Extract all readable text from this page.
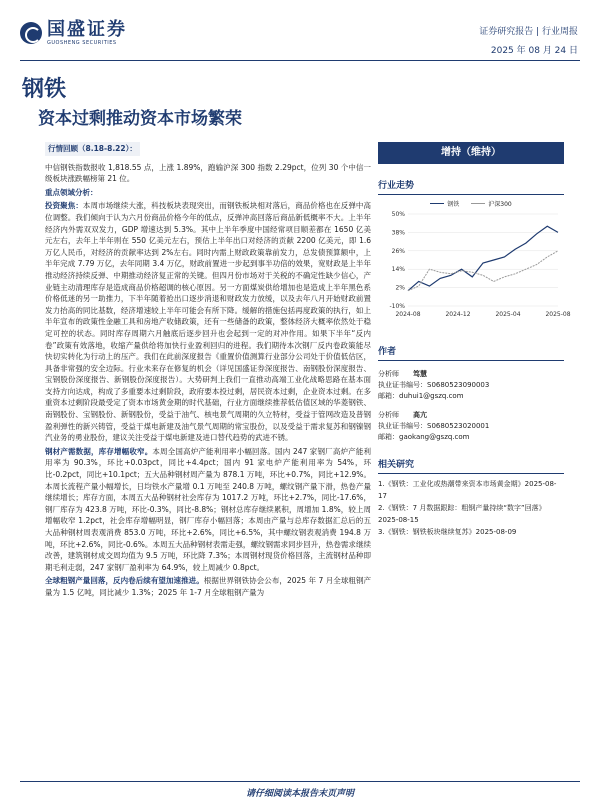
国盛证券
GUOSHENG SECURITIES
证券研究报告 | 行业周报
2025 年 08 月 24 日
钢铁
资本过剩推动资本市场繁荣

行情回顾（8.18-8.22）：

中信钢铁指数报收 1,818.55 点，上涨 1.89%，跑输沪深 300 指数 2.29pct，位列 30 个中信一级板块涨跌幅榜第 21 位。

重点领域分析：

投资聚焦：本周市场继续大涨，科技板块表现突出，而钢铁板块相对落后，商品价格也在反弹中高位调整。我们倾向于认为六月份商品价格今年的低点，反弹冲高回落后商品新低概率不大。上半年经济内外需双双发力，GDP 增速达到 5.3%。其中上半年季度中国经常项目顺差都在 1650 亿美元左右，去年上半年则在 550 亿美元左右，预估上半年出口对经济的贡献 2200 亿美元，即 1.6 万亿人民币，对经济的贡献率达到 2%左右。同时内需上财政政策靠前发力，总发债预算额中，上半年完成 7.79 万亿，去年同期 3.4 万亿，财政前置进一步起到事半功倍的效果，宽财政是上半年推动经济持续反弹、中期推动经济复正常的关键。但四月份市场对于关税的不确定性缺少信心，产业链主动清理库存是造成商品价格超调的核心原因。另一方面煤炭供给增加也是造成上半年黑色系价格低迷的另一助推力，下半年随着抢出口逐步消退和财政发力放缓，以及去年八月开始财政前置发力抬高的同比基数，经济增速较上半年可能会有所下降。缓解的措施包括再度政策的执行，如上半年宣布的政策性金融工具和房地产收储政策，还有一些储备的政策，整体经济大概率依然处于稳定可控的状态。同时库存周期六月触底后逐步回升也会起到一定的对冲作用。如果下半年“反内卷”政策有效落地，收缩产量供给将加快行业盈利回归的进程。我们期待本次钢厂反内卷政策能尽快切实转化为行动上的压产。我们在此前深度报告《重置价值测算行业部分公司处于价值低估区，具备非常强的安全边际。行业未来存在修复的机会（详见国盛证券深度报告、南钢股份深度报告、宝钢股份深度报告、新钢股份深度报告）。大势研判上我们一直推动高端工业化战略思路在基本面支持方向达成，构成了多重要本过剩阶段，政府要本投过剩，居民资本过剩，企业资本过剩。在多重资本过剩阶段最受定了资本市场黄金期的时代基础，行业方面继续推荐低估值区域的华菱钢铁、南钢股份、宝钢股份、新钢股份，受益于油气、核电景气周期的久立特材，受益于管网改造及普钢盈利弹性的新兴铸管，受益于煤电新建及油气景气周期的常宝股份，以及受益于需求复苏和钢镍钢汽业务的勇业股份，建议关注受益于煤电新建及进口替代趋势的武进不锈。

钢材产需数据，库存增幅收窄。本周全国高炉产能利用率小幅回落。国内 247 家钢厂高炉产能利用率为 90.3%，环比+0.03pct，同比+4.4pct；国内 91 家电炉产能利用率为 54%，环比-0.2pct，同比+10.1pct；五大品种钢材周产量为 878.1 万吨，环比+0.7%，同比+12.9%。本周长流程产量小幅增长，日均铁水产量增 0.1 万吨至 240.8 万吨，螺纹钢产量下滑，热卷产量继续增长；库存方面，本周五大品种钢材社会库存为 1017.2 万吨，环比+2.7%，同比-17.6%，钢厂库存为 423.8 万吨，环比-0.3%，同比-8.8%；钢材总库存继续累积，周增加 1.8%，较上周增幅收窄 1.2pct，社会库存增幅明显，钢厂库存小幅回落；本周由产量与总库存数据汇总后的五大品种钢材周表观消费 853.0 万吨，环比+2.6%，同比+6.5%，其中螺纹钢表观消费 194.8 万吨，环比+2.6%，同比-0.6%。本周五大品种钢材表需走强，螺纹钢需求同步回升，热卷需求继续改善，建筑钢材成交周均值为 9.5 万吨，环比降 7.3%；本周钢材现货价格回落，主流钢材品种即期毛利走弱，247 家钢厂盈利率为 64.9%，较上周减少 0.8pct。

全球粗钢产量回落，反内卷后续有望加速推进。根据世界钢铁协会公布，2025 年 7 月全球粗钢产量为 1.5 亿吨，同比减少 1.3%；2025 年 1-7 月全球粗钢产量为

增持（维持）
行业走势
钢铁	沪深300
-10%
2%
14%
26%
38%
50%
2024-08	2024-12	2025-04	2025-08
作者
分析师 笃慧
执业证书编号：S0680523090003
邮箱：duhui1@gszq.com
分析师 高亢
执业证书编号：S0680523020001
邮箱：gaokang@gszq.com
相关研究
1.《钢铁：工业化或热潮带来资本市场黄金期》2025-08-17
2.《钢铁：7 月数据跟踪：粗钢产量持续“数字”回落》2025-08-15
3.《钢铁：钢铁板块继续复苏》2025-08-09
请仔细阅读本报告末页声明
